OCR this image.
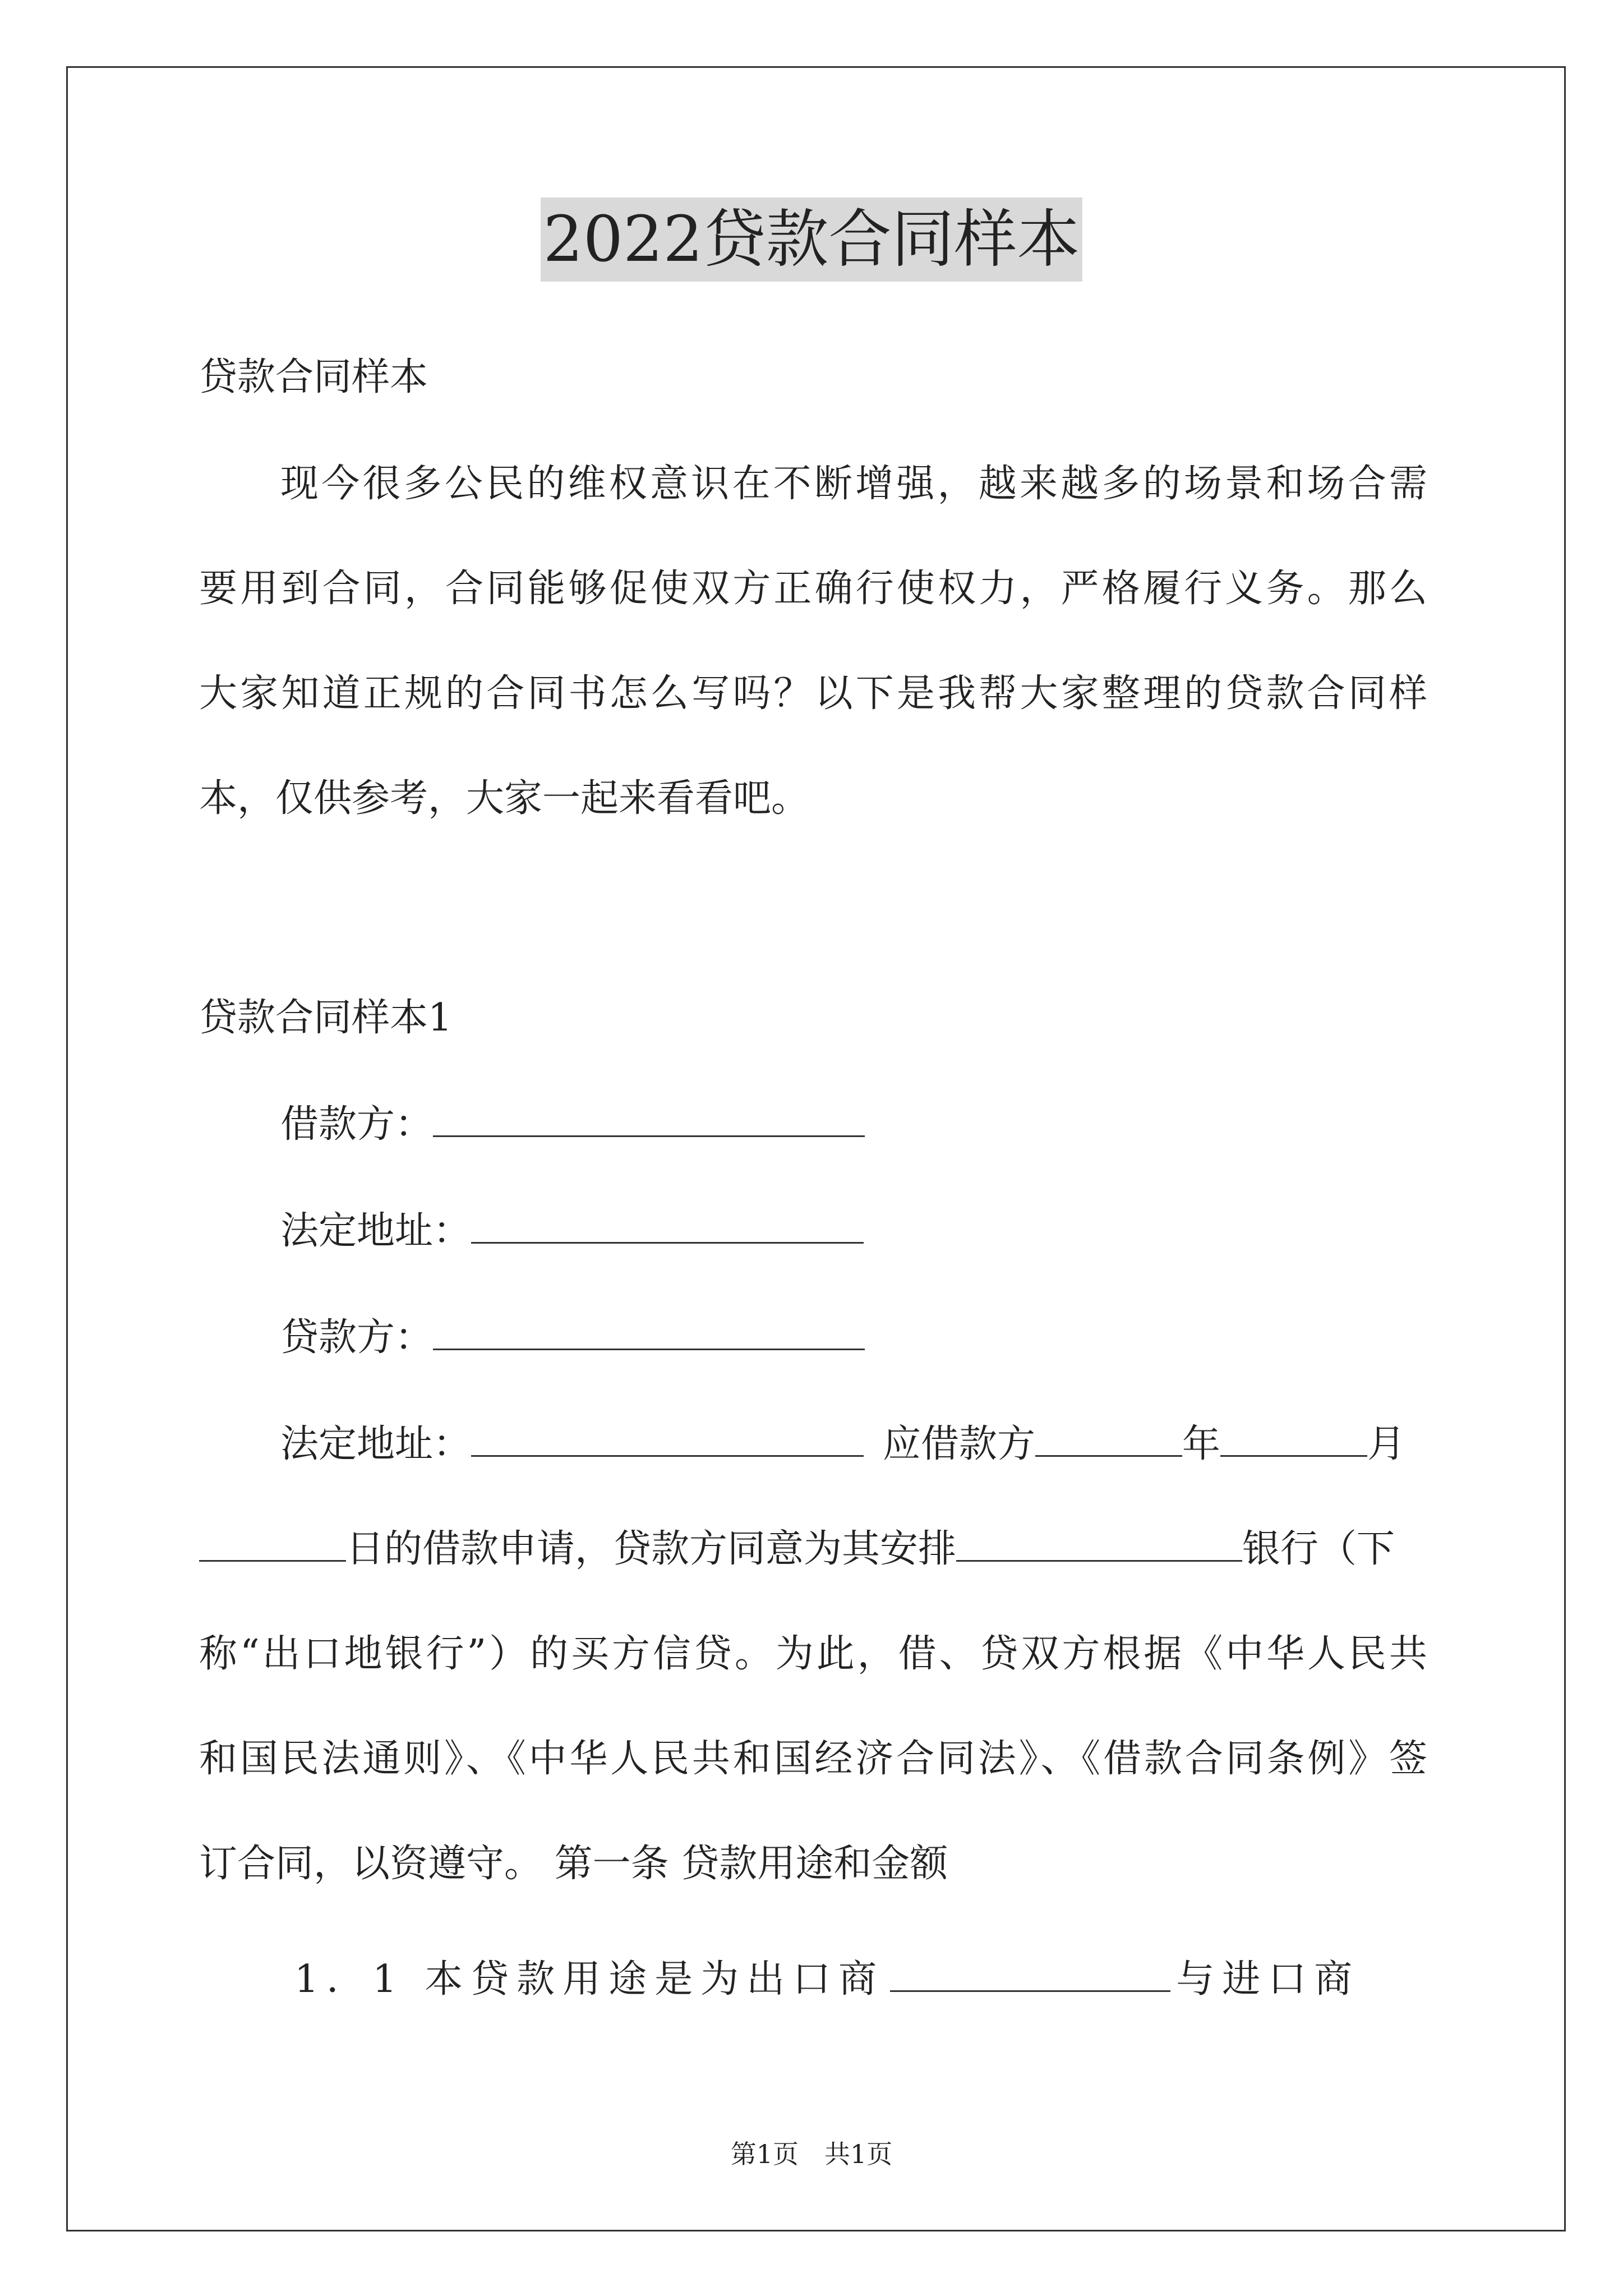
2022贷款合同样本
贷款合同样本
现今很多公民的维权意识在不断增强，越来越多的场景和场合需
要用到合同，合同能够促使双方正确行使权力，严格履行义务。那么
大家知道正规的合同书怎么写吗？以下是我帮大家整理的贷款合同样
本，仅供参考，大家一起来看看吧。
贷款合同样本1
借款方：
法定地址：
贷款方：
法定地址：	应借款方	年	月
日的借款申请，贷款方同意为其安排	银行（下
称“出口地银行”）的买方信贷。为此，借、贷双方根据《中华人民共
和国民法通则》、《中华人民共和国经济合同法》、《借款合同条例》签
订合同，以资遵守。 第一条 贷款用途和金额
1．1 本贷款用途是为出口商	与进口商
第1页　共1页
